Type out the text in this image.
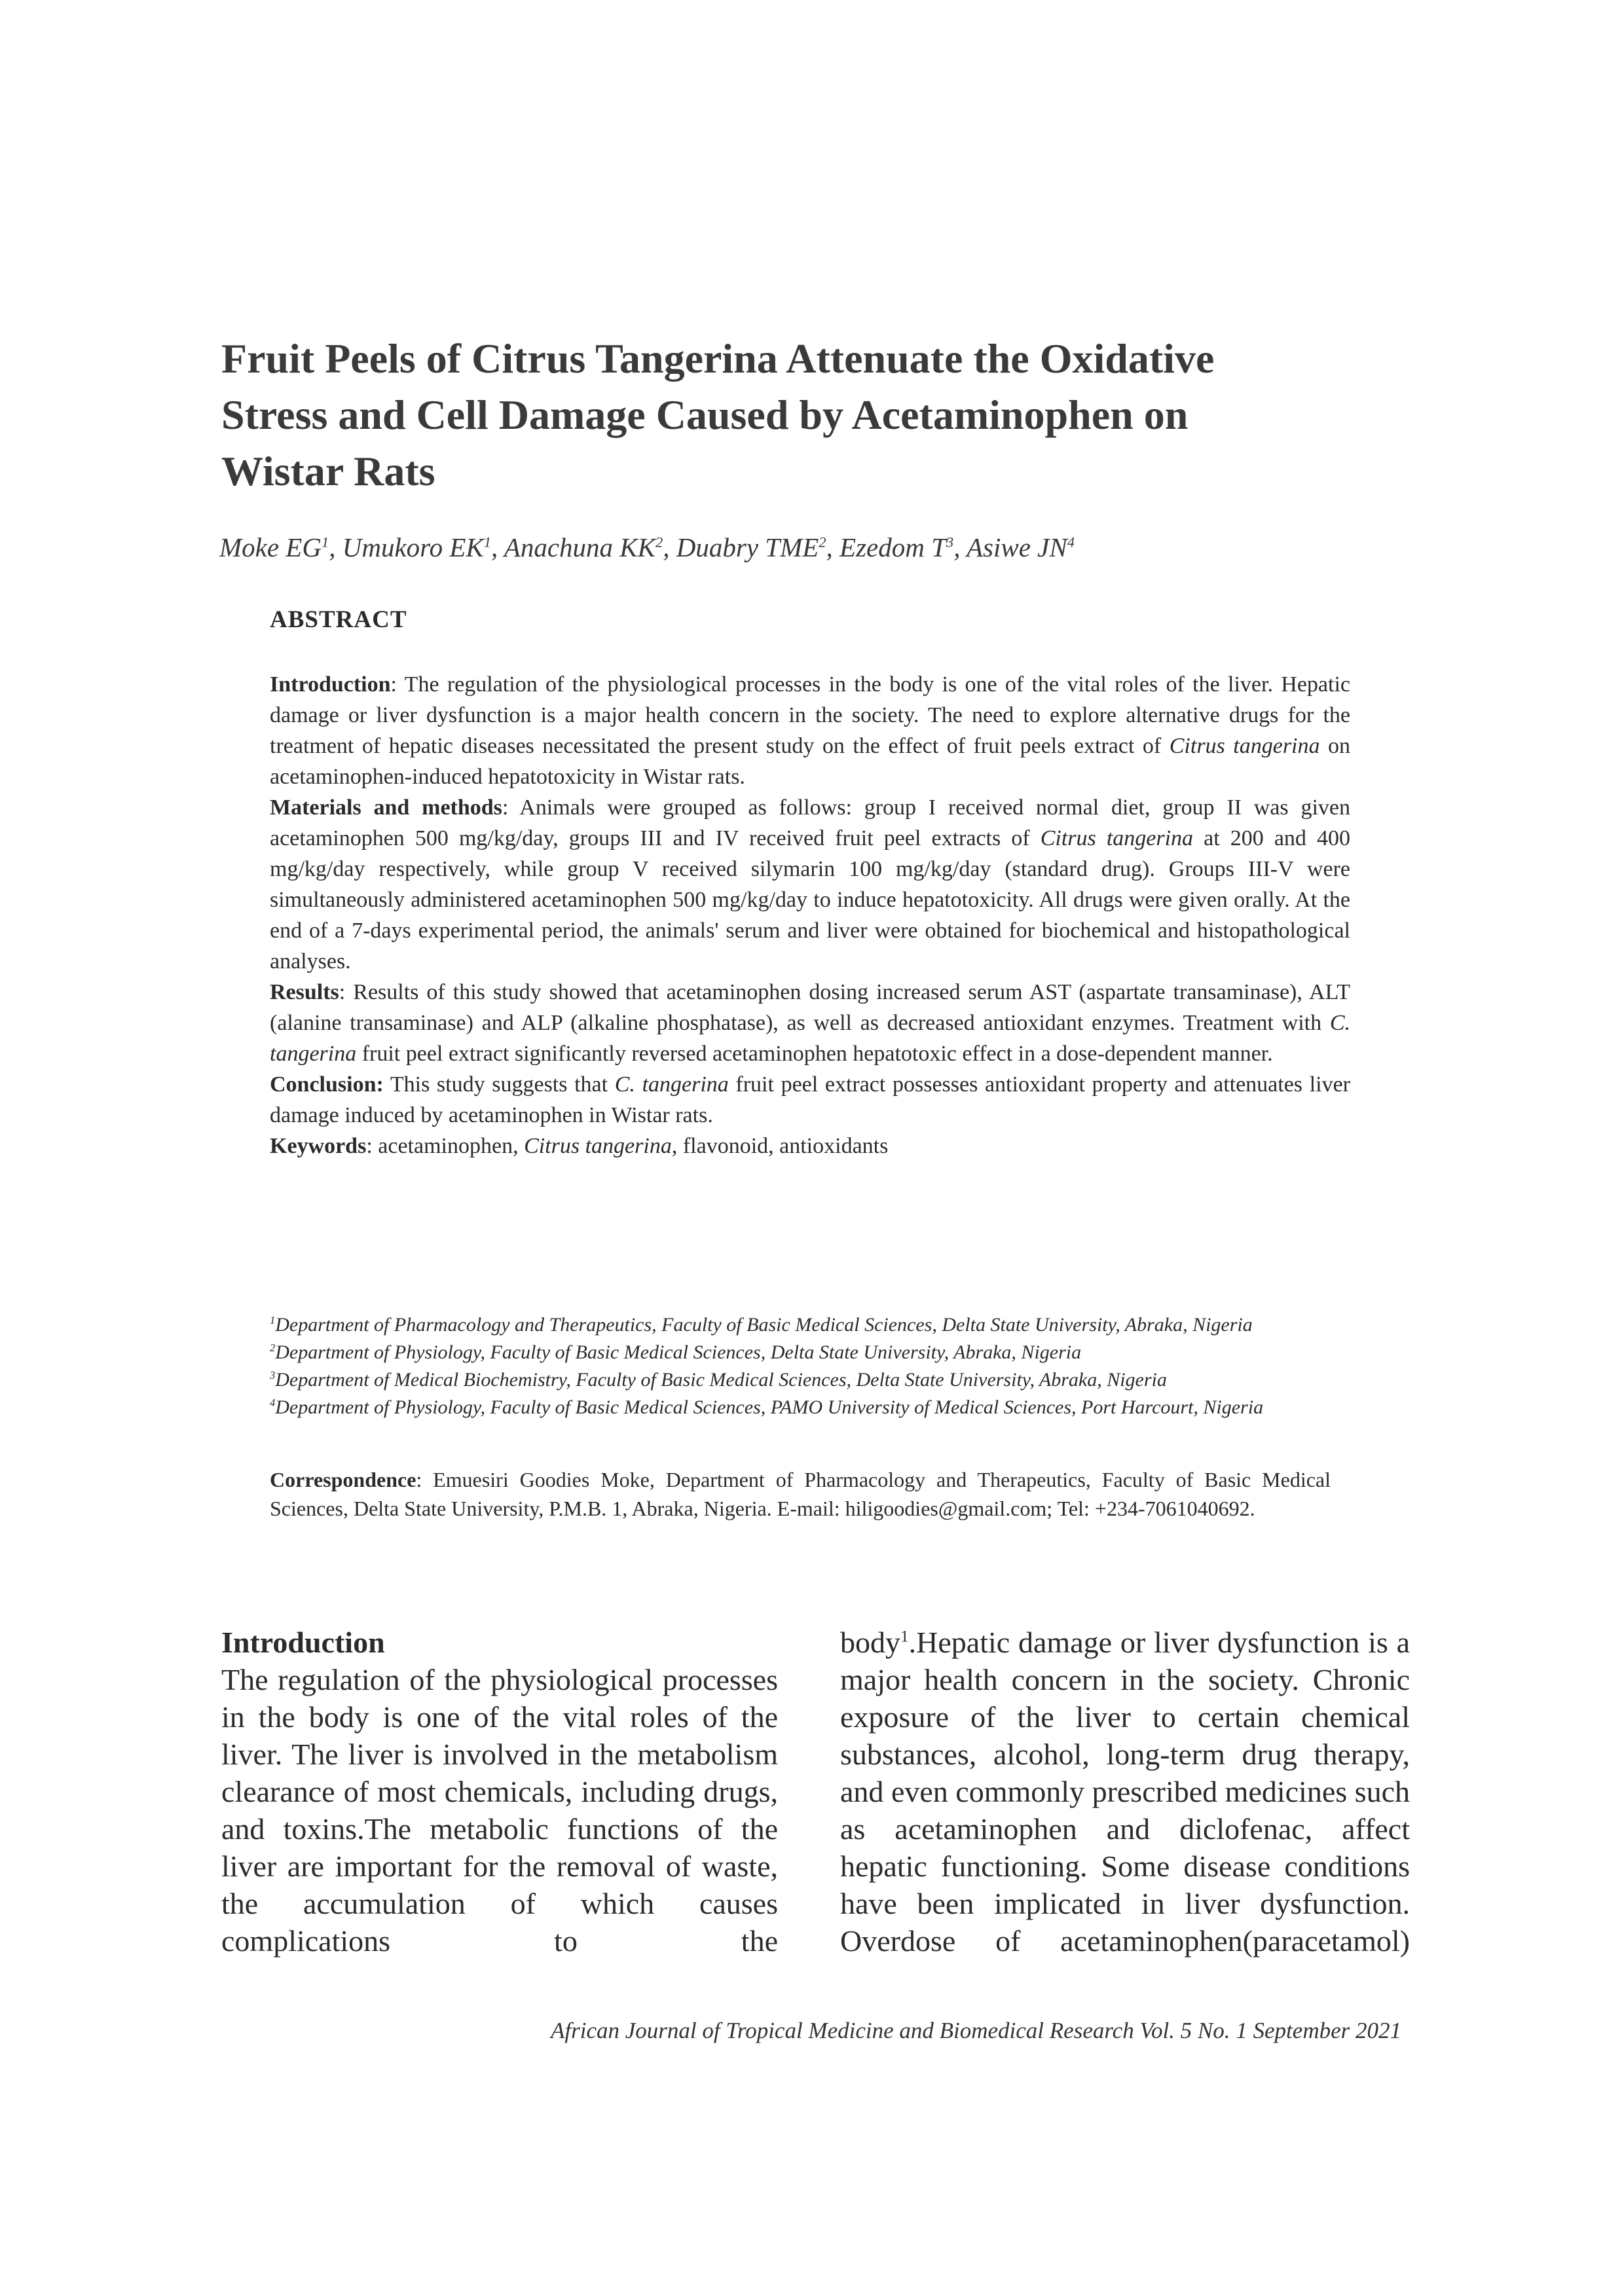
Fruit Peels of Citrus Tangerina Attenuate the Oxidative
Stress and Cell Damage Caused by Acetaminophen on
Wistar Rats
Moke $EG^1$, Umukoro $EK^1$, Anachuna $KK^2$, Duabry TME$^2$, Ezedom $T^3$, Asiwe $JN^4$
ABSTRACT

Introduction: The regulation of the physiological processes in the body is one of the vital roles of the liver. Hepatic damage or liver dysfunction is a major health concern in the society. The need to explore alternative drugs for the treatment of hepatic diseases necessitated the present study on the effect of fruit peels extract of Citrus tangerina on acetaminophen-induced hepatotoxicity in Wistar rats.

Materials and methods: Animals were grouped as follows: group I received normal diet, group II was given acetaminophen 500 mg/kg/day, groups III and IV received fruit peel extracts of Citrus tangerina at 200 and 400 mg/kg/day respectively, while group V received silymarin 100 mg/kg/day (standard drug). Groups III-V were simultaneously administered acetaminophen 500 mg/kg/day to induce hepatotoxicity. All drugs were given orally. At the end of a 7-days experimental period, the animals' serum and liver were obtained for biochemical and histopathological analyses.

Results: Results of this study showed that acetaminophen dosing increased serum AST (aspartate transaminase), ALT (alanine transaminase) and ALP (alkaline phosphatase), as well as decreased antioxidant enzymes. Treatment with C. tangerina fruit peel extract significantly reversed acetaminophen hepatotoxic effect in a dose-dependent manner.

Conclusion: This study suggests that C. tangerina fruit peel extract possesses antioxidant property and attenuates liver damage induced by acetaminophen in Wistar rats.

Keywords: acetaminophen, Citrus tangerina, flavonoid, antioxidants

$^1$Department of Pharmacology and Therapeutics, Faculty of Basic Medical Sciences, Delta State University, Abraka, Nigeria
$^2$Department of Physiology, Faculty of Basic Medical Sciences, Delta State University, Abraka, Nigeria
$^3$Department of Medical Biochemistry, Faculty of Basic Medical Sciences, Delta State University, Abraka, Nigeria
$^4$Department of Physiology, Faculty of Basic Medical Sciences, PAMO University of Medical Sciences, Port Harcourt, Nigeria
Correspondence: Emuesiri Goodies Moke, Department of Pharmacology and Therapeutics, Faculty of Basic Medical Sciences, Delta State University, P.M.B. 1, Abraka, Nigeria. E-mail: hiligoodies@gmail.com; Tel: +234-7061040692.
Introduction

The regulation of the physiological processes in the body is one of the vital roles of the liver. The liver is involved in the metabolism clearance of most chemicals, including drugs, and toxins.The metabolic functions of the liver are important for the removal of waste, the accumulation of which causes complications to the

body$^1$.Hepatic damage or liver dysfunction is a major health concern in the society. Chronic exposure of the liver to certain chemical substances, alcohol, long-term drug therapy, and even commonly prescribed medicines such as acetaminophen and diclofenac, affect hepatic functioning. Some disease conditions have been implicated in liver dysfunction. Overdose of acetaminophen(paracetamol)

African Journal of Tropical Medicine and Biomedical Research Vol. 5 No. 1 September 2021
